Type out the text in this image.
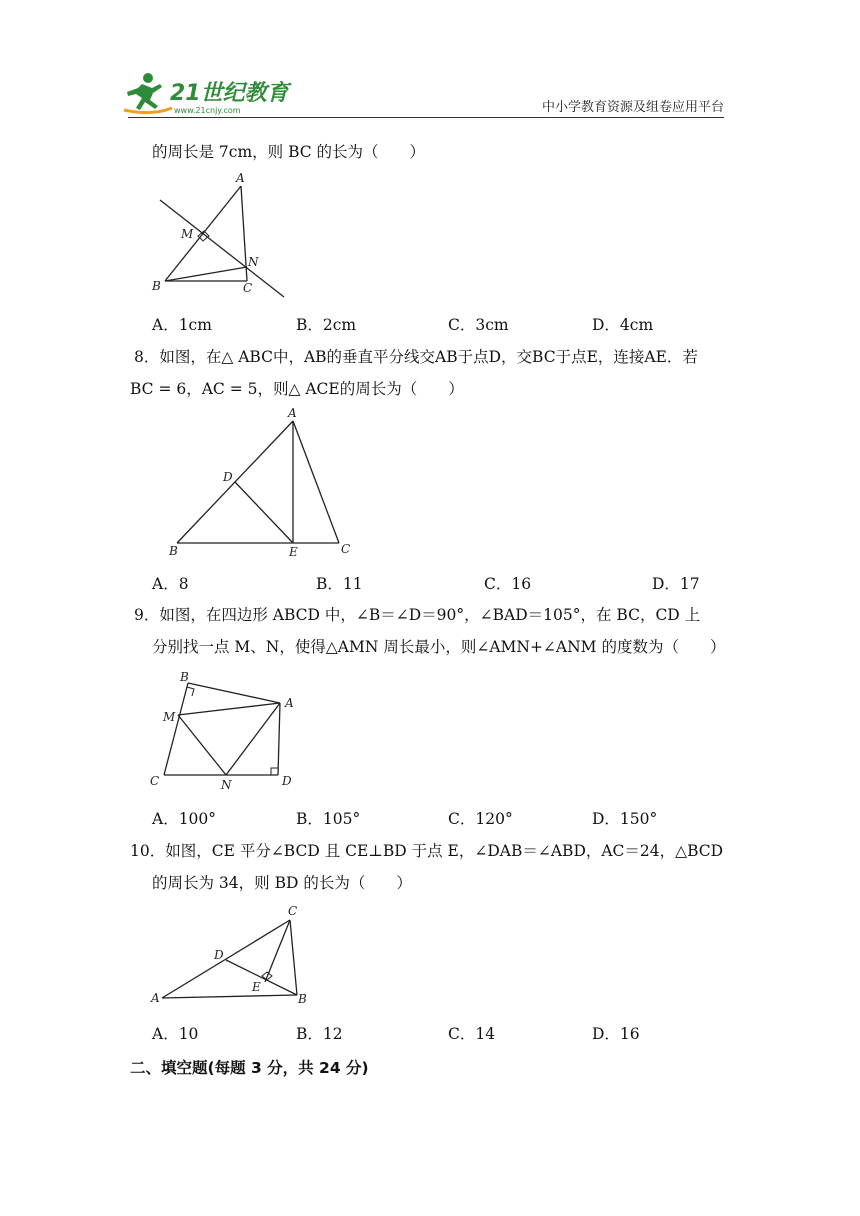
21世纪教育
www.21cnjy.com	中小学教育资源及组卷应用平台
的周长是 7cm，则 BC 的长为（　　）
A
M
N
B	C
A．1cm	B．2cm	C．3cm	D．4cm
8．如图，在△ ABC中，AB的垂直平分线交AB于点D，交BC于点E，连接AE．若
BC = 6，AC = 5，则△ ACE的周长为（　　）
A
D
B	E	C
A．8	B．11	C．16	D．17
9．如图，在四边形 ABCD 中，∠B＝∠D＝90°，∠BAD＝105°，在 BC，CD 上
分别找一点 M、N，使得△AMN 周长最小，则∠AMN+∠ANM 的度数为（　　）
B
A
M
C	N	D
A．100°	B．105°	C．120°	D．150°
10．如图，CE 平分∠BCD 且 CE⊥BD 于点 E，∠DAB＝∠ABD，AC＝24，△BCD
的周长为 34，则 BD 的长为（　　）
C
D
E
A	B
A．10	B．12	C．14	D．16
二、填空题(每题 3 分，共 24 分)
